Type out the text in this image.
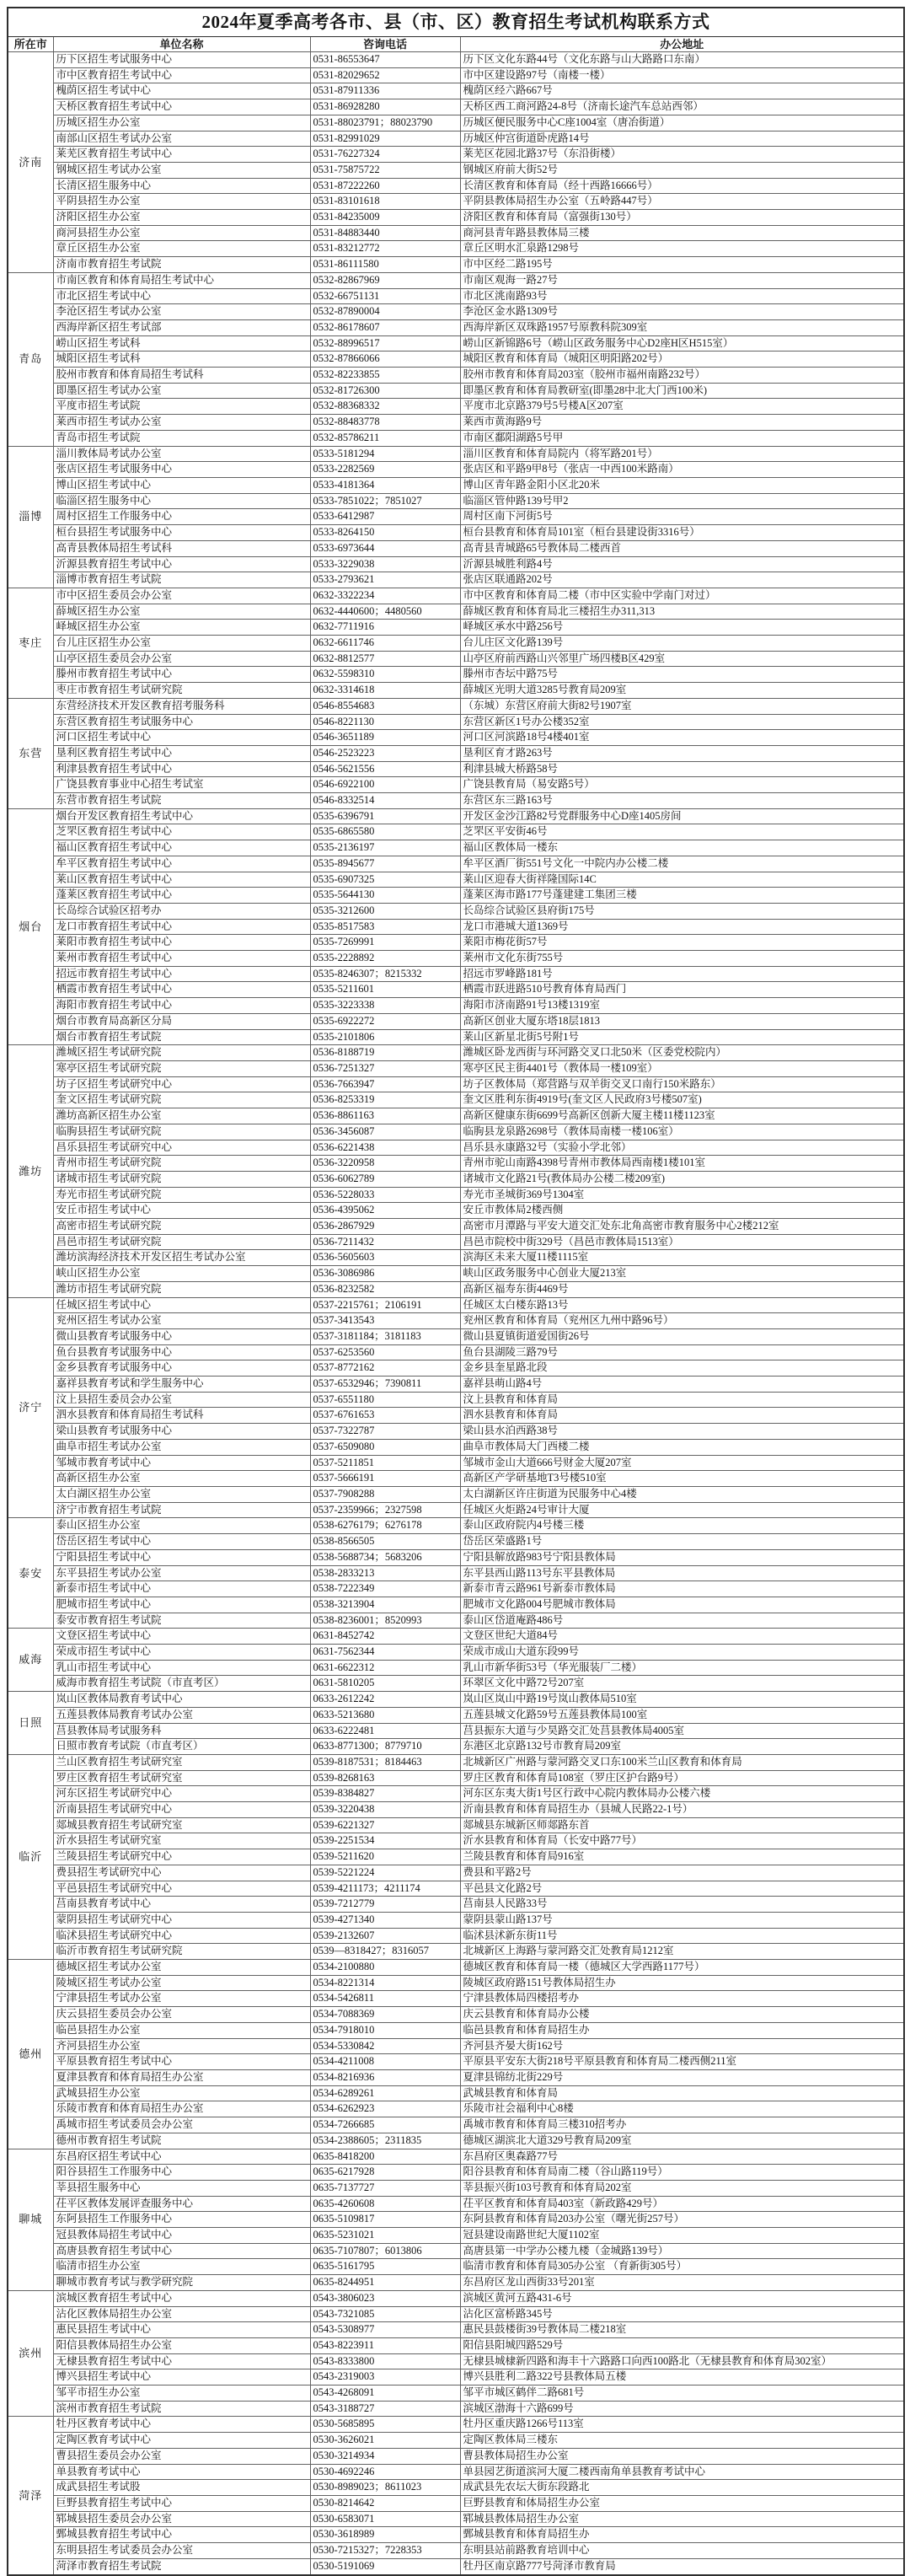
2024年夏季高考各市、县（市、区）教育招生考试机构联系方式			
所在市	单位名称	咨询电话	办公地址
济南	历下区招生考试服务中心	0531-86553647	历下区文化东路44号（文化东路与山大路路口东南）
	市中区教育招生考试中心	0531-82029652	市中区建设路97号（南楼一楼）
	槐荫区招生考试中心	0531-87911336	槐荫区经六路667号
	天桥区教育招生考试中心	0531-86928280	天桥区西工商河路24-8号（济南长途汽车总站西邻）
	历城区招生办公室	0531-88023791；88023790	历城区便民服务中心C座1004室（唐冶街道）
	南部山区招生考试办公室	0531-82991029	历城区仲宫街道卧虎路14号
	莱芜区教育招生考试中心	0531-76227324	莱芜区花园北路37号（东沿街楼）
	钢城区招生考试办公室	0531-75875722	钢城区府前大街52号
	长清区招生服务中心	0531-87222260	长清区教育和体育局（经十西路16666号）
	平阴县招生办公室	0531-83101618	平阴县教体局招生办公室（五岭路447号）
	济阳区招生办公室	0531-84235009	济阳区教育和体育局（富强街130号）
	商河县招生办公室	0531-84883440	商河县青年路县教体局三楼
	章丘区招生办公室	0531-83212772	章丘区明水汇泉路1298号
	济南市教育招生考试院	0531-86111580	市中区经二路195号
青岛	市南区教育和体育局招生考试中心	0532-82867969	市南区观海一路27号
	市北区招生考试中心	0532-66751131	市北区洮南路93号
	李沧区招生考试办公室	0532-87890004	李沧区金水路1309号
	西海岸新区招生考试部	0532-86178607	西海岸新区双珠路1957号原教科院309室
	崂山区招生考试科	0532-88996517	崂山区新锦路6号（崂山区政务服务中心D2座H区H515室）
	城阳区招生考试科	0532-87866066	城阳区教育和体育局（城阳区明阳路202号）
	胶州市教育和体育局招生考试科	0532-82233855	胶州市教育和体育局203室（胶州市福州南路232号）
	即墨区招生考试办公室	0532-81726300	即墨区教育和体育局教研室(即墨28中北大门西100米)
	平度市招生考试院	0532-88368332	平度市北京路379号5号楼A区207室
	莱西市招生考试办公室	0532-88483778	莱西市黄海路9号
	青岛市招生考试院	0532-85786211	市南区鄱阳湖路5号甲
淄博	淄川教体局考试办公室	0533-5181294	淄川区教育和体育局院内（将军路201号）
	张店区招生考试服务中心	0533-2282569	张店区和平路9甲8号（张店一中西100米路南）
	博山区招生考试中心	0533-4181364	博山区青年路金阳小区北20米
	临淄区招生服务中心	0533-7851022；7851027	临淄区管仲路139号甲2
	周村区招生工作服务中心	0533-6412987	周村区南下河街5号
	桓台县招生考试服务中心	0533-8264150	桓台县教育和体育局101室（桓台县建设街3316号）
	高青县教体局招生考试科	0533-6973644	高青县青城路65号教体局二楼西首
	沂源县教育招生考试中心	0533-3229038	沂源县城胜利路4号
	淄博市教育招生考试院	0533-2793621	张店区联通路202号
枣庄	市中区招生委员会办公室	0632-3322234	市中区教育和体育局二楼（市中区实验中学南门对过）
	薛城区招生办公室	0632-4440600；4480560	薛城区教育和体育局北三楼招生办311,313
	峄城区招生办公室	0632-7711916	峄城区承水中路256号
	台儿庄区招生办公室	0632-6611746	台儿庄区文化路139号
	山亭区招生委员会办公室	0632-8812577	山亭区府前西路山兴邻里广场四楼B区429室
	滕州市教育招生考试中心	0632-5598310	滕州市杏坛中路75号
	枣庄市教育招生考试研究院	0632-3314618	薛城区光明大道3285号教育局209室
东营	东营经济技术开发区教育招考服务科	0546-8554683	（东城）东营区府前大街82号1907室
	东营区教育招生考试服务中心	0546-8221130	东营区新区1号办公楼352室
	河口区招生考试中心	0546-3651189	河口区河滨路18号4楼401室
	垦利区教育招生考试中心	0546-2523223	垦利区育才路263号
	利津县教育招生考试中心	0546-5621556	利津县城大桥路58号
	广饶县教育事业中心招生考试室	0546-6922100	广饶县教育局（易安路5号）
	东营市教育招生考试院	0546-8332514	东营区东三路163号
烟台	烟台开发区教育招生考试中心	0535-6396791	开发区金沙江路82号党群服务中心D座1405房间
	芝罘区教育招生考试中心	0535-6865580	芝罘区平安街46号
	福山区教育招生考试中心	0535-2136197	福山区教体局一楼东
	牟平区教育招生考试中心	0535-8945677	牟平区酒厂街551号文化一中院内办公楼二楼
	莱山区教育招生考试中心	0535-6907325	莱山区迎春大街祥隆国际14C
	蓬莱区教育招生考试中心	0535-5644130	蓬莱区海市路177号蓬建建工集团三楼
	长岛综合试验区招考办	0535-3212600	长岛综合试验区县府街175号
	龙口市教育招生考试中心	0535-8517583	龙口市港城大道1369号
	莱阳市教育招生考试中心	0535-7269991	莱阳市梅花街57号
	莱州市教育招生考试中心	0535-2228892	莱州市文化东街755号
	招远市教育招生考试中心	0535-8246307；8215332	招远市罗峰路181号
	栖霞市教育招生考试中心	0535-5211601	栖霞市跃进路510号教育体育局西门
	海阳市教育招生考试中心	0535-3223338	海阳市济南路91号13楼1319室
	烟台市教育局高新区分局	0535-6922272	高新区创业大厦东塔18层1813
	烟台市教育招生考试院	0535-2101806	莱山区新星北街5号附1号
潍坊	潍城区招生考试研究院	0536-8188719	潍城区卧龙西街与环河路交叉口北50米（区委党校院内）
	寒亭区招生考试研究院	0536-7251327	寒亭区民主街4401号（教体局一楼109室）
	坊子区招生考试研究中心	0536-7663947	坊子区教体局（郑营路与双羊街交叉口南行150米路东）
	奎文区招生考试研究院	0536-8253319	奎文区胜利东街4919号(奎文区人民政府3号楼507室)
	潍坊高新区招生办公室	0536-8861163	高新区健康东街6699号高新区创新大厦主楼11楼1123室
	临朐县招生考试研究院	0536-3456087	临朐县龙泉路2698号（教体局南楼一楼106室）
	昌乐县招生考试研究中心	0536-6221438	昌乐县永康路32号（实验小学北邻）
	青州市招生考试研究院	0536-3220958	青州市驼山南路4398号青州市教体局西南楼1楼101室
	诸城市招生考试研究院	0536-6062789	诸城市文化路21号(教体局办公楼二楼209室)
	寿光市招生考试研究院	0536-5228033	寿光市圣城街369号1304室
	安丘市招生考试中心	0536-4395062	安丘市教体局2楼西侧
	高密市招生考试研究院	0536-2867929	高密市月潭路与平安大道交汇处东北角高密市教育服务中心2楼212室
	昌邑市招生考试研究院	0536-7211432	昌邑市院校中街329号（昌邑市教体局1513室）
	潍坊滨海经济技术开发区招生考试办公室	0536-5605603	滨海区未来大厦11楼1115室
	峡山区招生办公室	0536-3086986	峡山区政务服务中心创业大厦213室
	潍坊市招生考试研究院	0536-8232582	高新区福寿东街4469号
济宁	任城区招生考试中心	0537-2215761；2106191	任城区太白楼东路13号
	兖州区招生考试办公室	0537-3413543	兖州区教育和体育局（兖州区九州中路96号）
	微山县教育考试服务中心	0537-3181184；3181183	微山县夏镇街道爱国街26号
	鱼台县教育考试服务中心	0537-6253560	鱼台县湖陵三路79号
	金乡县教育考试服务中心	0537-8772162	金乡县奎星路北段
	嘉祥县教育考试和学生服务中心	0537-6532946；7390811	嘉祥县萌山路4号
	汶上县招生委员会办公室	0537-6551180	汶上县教育和体育局
	泗水县教育和体育局招生考试科	0537-6761653	泗水县教育和体育局
	梁山县教育考试服务中心	0537-7322787	梁山县水泊西路38号
	曲阜市招生考试办公室	0537-6509080	曲阜市教体局大门西楼二楼
	邹城市教育考试中心	0537-5211851	邹城市金山大道666号财金大厦207室
	高新区招生办公室	0537-5666191	高新区产学研基地T3号楼510室
	太白湖区招生办公室	0537-7908288	太白湖新区许庄街道为民服务中心4楼
	济宁市教育招生考试院	0537-2359966；2327598	任城区火炬路24号审计大厦
泰安	泰山区招生办公室	0538-6276179；6276178	泰山区政府院内4号楼三楼
	岱岳区招生考试中心	0538-8566505	岱岳区荣盛路1号
	宁阳县招生考试中心	0538-5688734；5683206	宁阳县解放路983号宁阳县教体局
	东平县招生考试办公室	0538-2833213	东平县西山路113号东平县教体局
	新泰市招生考试中心	0538-7222349	新泰市青云路961号新泰市教体局
	肥城市招生考试中心	0538-3213904	肥城市文化路004号肥城市教体局
	泰安市教育招生考试院	0538-8236001；8520993	泰山区岱道庵路486号
威海	文登区招生考试中心	0631-8452742	文登区世纪大道84号
	荣成市招生考试中心	0631-7562344	荣成市成山大道东段99号
	乳山市招生考试中心	0631-6622312	乳山市新华街53号（华光服装厂二楼）
	威海市教育招生考试院（市直考区）	0631-5810205	环翠区文化中路72号207室
日照	岚山区教体局教育考试中心	0633-2612242	岚山区岚山中路19号岚山教体局510室
	五莲县教体局教育考试办公室	0633-5213680	五莲县城文化路59号五莲县教体局100室
	莒县教体局考试服务科	0633-6222481	莒县振东大道与少昊路交汇处莒县教体局4005室
	日照市教育考试院（市直考区）	0633-8771300；8779710	东港区北京路132号市教育局209室
临沂	兰山区教育招生考试研究室	0539-8187531；8184463	北城新区广州路与蒙河路交叉口东100米兰山区教育和体育局
	罗庄区教育招生考试研究室	0539-8268163	罗庄区教育和体育局108室（罗庄区护台路9号）
	河东区招生考试研究中心	0539-8384827	河东区东夷大街1号区行政中心院内教体局办公楼六楼
	沂南县招生考试研究中心	0539-3220438	沂南县教育和体育局招生办（县城人民路22-1号）
	郯城县教育招生考试研究室	0539-6221327	郯城县东城新区师郯路东首
	沂水县招生考试研究室	0539-2251534	沂水县教育和体育局（长安中路77号）
	兰陵县招生考试研究中心	0539-5211620	兰陵县教育和体育局916室
	费县招生考试研究中心	0539-5221224	费县和平路2号
	平邑县招生考试研究中心	0539-4211173；4211174	平邑县文化路2号
	莒南县教育考试中心	0539-7212779	莒南县人民路33号
	蒙阴县招生考试研究中心	0539-4271340	蒙阴县蒙山路137号
	临沭县招生考试研究中心	0539-2132607	临沭县沭新东街11号
	临沂市教育招生考试研究院	0539—8318427；8316057	北城新区上海路与蒙河路交汇处教育局1212室
德州	德城区招生考试办公室	0534-2100880	德城区教育和体育局一楼（德城区大学西路1177号）
	陵城区招生考试办公室	0534-8221314	陵城区政府路151号教体局招生办
	宁津县招生考试办公室	0534-5426811	宁津县教体局四楼招考办
	庆云县招生委员会办公室	0534-7088369	庆云县教育和体育局办公楼
	临邑县招生办公室	0534-7918010	临邑县教育和体育局招生办
	齐河县招生办公室	0534-5330842	齐河县齐晏大街162号
	平原县教育招生考试中心	0534-4211008	平原县平安东大街218号平原县教育和体育局二楼西侧211室
	夏津县教育和体育局招生办公室	0534-8216936	夏津县锦纺北街229号
	武城县招生办公室	0534-6289261	武城县教育和体育局
	乐陵市教育和体育局招生办公室	0534-6262923	乐陵市社会福利中心8楼
	禹城市招生考试委员会办公室	0534-7266685	禹城市教育和体育局三楼310招考办
	德州市教育招生考试院	0534-2388605；2311835	德城区湖滨北大道329号教育局209室
聊城	东昌府区招生考试中心	0635-8418200	东昌府区奥森路77号
	阳谷县招生工作服务中心	0635-6217928	阳谷县教育和体育局南二楼（谷山路119号）
	莘县招生服务中心	0635-7137727	莘县振兴街103号教育和体育局202室
	茌平区教体发展评查服务中心	0635-4260608	茌平区教育和体育局403室（新政路429号）
	东阿县招生工作服务中心	0635-5109817	东阿县教育和体育局203办公室（曙光街257号）
	冠县教体局招生考试中心	0635-5231021	冠县建设南路世纪大厦1102室
	高唐县教育招生考试中心	0635-7107807；6013806	高唐县第一中学办公楼九楼（金城路139号）
	临清市招生办公室	0635-5161795	临清市教育和体育局305办公室 （育新街305号）
	聊城市教育考试与教学研究院	0635-8244951	东昌府区龙山西街33号201室
滨州	滨城区教育招生考试中心	0543-3806023	滨城区黄河五路431-6号
	沾化区教体局招生办公室	0543-7321085	沾化区富桥路345号
	惠民县招生考试中心	0543-5308977	惠民县鼓楼街39号教体局二楼218室
	阳信县教体局招生办公室	0543-8223911	阳信县阳城四路529号
	无棣县教育招生考试中心	0543-8333800	无棣县城棣新四路和海丰十六路路口向西100路北（无棣县教育和体育局302室）
	博兴县招生考试中心	0543-2319003	博兴县胜利二路322号县教体局五楼
	邹平市招生办公室	0543-4268091	邹平市城区鹤伴二路681号
	滨州市教育招生考试院	0543-3188727	滨城区渤海十六路699号
菏泽	牡丹区教育考试中心	0530-5685895	牡丹区重庆路1266号113室
	定陶区教育考试中心	0530-3626021	定陶区教体局三楼东
	曹县招生委员会办公室	0530-3214934	曹县教体局招生办公室
	单县教育考试中心	0530-4692246	单县园艺街道滨河大厦二楼西南角单县教育考试中心
	成武县招生考试股	0530-8989023；8611023	成武县先农坛大街东段路北
	巨野县教育招生考试中心	0530-8214642	巨野县教育和体局招生办公室
	郓城县招生委员会办公室	0530-6583071	郓城县教体局招生办公室
	鄄城县教育招生考试中心	0530-3618989	鄄城县教育和体育局招生办
	东明县招生考试委员会办公室	0530-7215327；7228353	东明县站前路教育培训中心
	菏泽市教育招生考试院	0530-5191069	牡丹区南京路777号菏泽市教育局
